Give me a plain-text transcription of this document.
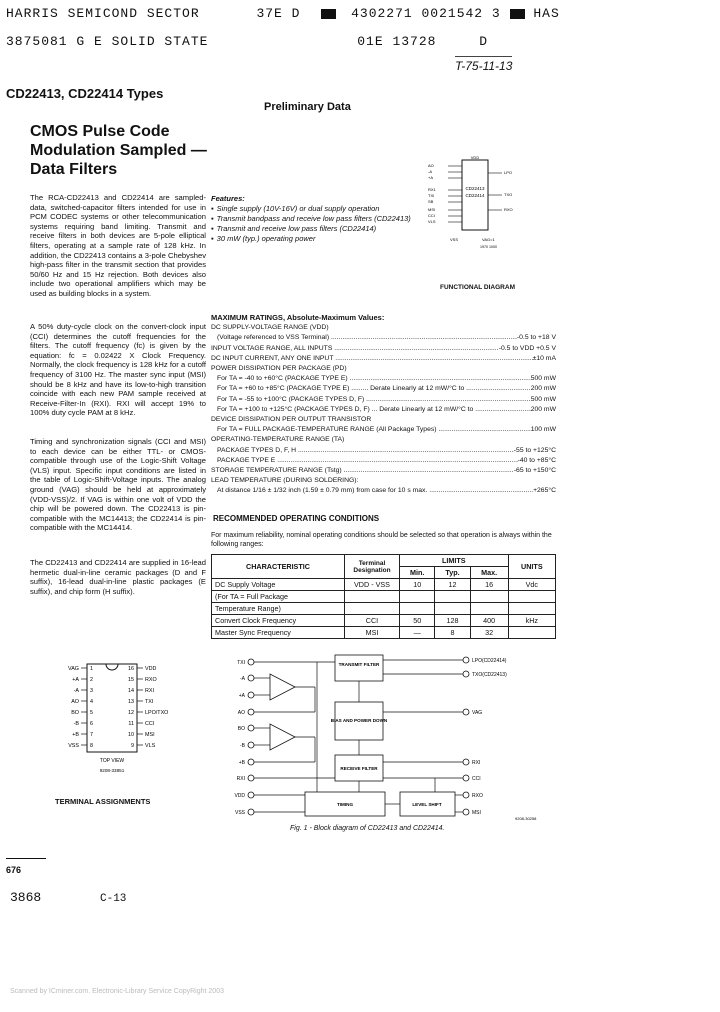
HARRIS SEMICOND SECTOR	37E D	4302271 0021542 3	HAS
3875081 G E SOLID STATE	01E 13728	D
T-75-11-13
CD22413, CD22414 Types
Preliminary Data
CMOS Pulse Code
Modulation Sampled —
Data Filters
The RCA-CD22413 and CD22414 are sampled-data, switched-capacitor filters intended for use in PCM CODEC systems or other telecommunication systems requiring band limiting. Transmit and receive filters in both devices are 5-pole elliptical filters, operating at a sample rate of 128 kHz. In addition, the CD22413 contains a 3-pole Chebyshev high-pass filter in the transmit section that provides 50/60 Hz and 15 Hz rejection. Both devices also include two operational amplifiers which may be used as building blocks in a system.
A 50% duty-cycle clock on the convert-clock input (CCI) determines the cutoff frequencies for the filters. The cutoff frequency (fc) is given by the equation: fc = 0.02422 X Clock Frequency. Normally, the clock frequency is 128 kHz for a cutoff frequency of 3100 Hz. The master sync input (MSI) should be 8 kHz and have its low-to-high transition coincide with each new PAM sample received at Receive-Filter-In (RXI). RXI will accept 19% to 100% duty cycle PAM at 8 kHz.
Timing and synchronization signals (CCI and MSI) to each device can be either TTL- or CMOS-compatible through use of the Logic-Shift Voltage (VLS) input. Specific input conditions are listed in the table of Logic-Shift-Voltage inputs. The analog ground (VAG) should be held at approximately (VDD-VSS)/2. If VAG is within one volt of VDD the chip will be powered down. The CD22413 is pin-compatible with the MC14413; the CD22414 is pin-compatible with the MC14414.
The CD22413 and CD22414 are supplied in 16-lead hermetic dual-in-line ceramic packages (D and F suffix), 16-lead dual-in-line plastic packages (E suffix), and chip form (H suffix).
Features:
▪ Single supply (10V-16V) or dual supply operation
▪ Transmit bandpass and receive low pass filters (CD22413)
▪ Transmit and receive low pass filters (CD22414)
▪ 30 mW (typ.) operating power
CD22413
CD22414
AO
-A
+A
RX1
TXI
SB
MSI
CCI
VLS
LPO
TXO
RXO
VDD
VSS	VAG=1
1970 1000
FUNCTIONAL DIAGRAM
MAXIMUM RATINGS, Absolute-Maximum Values:
DC SUPPLY-VOLTAGE RANGE (VDD)
(Voltage referenced to VSS Terminal) .....	-0.5 to +18 V
INPUT VOLTAGE RANGE, ALL INPUTS .....	-0.5 to VDD +0.5 V
DC INPUT CURRENT, ANY ONE INPUT .....	±10 mA
POWER DISSIPATION PER PACKAGE (PD)
For TA = -40 to +60°C (PACKAGE TYPE E) .....	500 mW
For TA = +60 to +85°C (PACKAGE TYPE E) ......... Derate Linearly at 12 mW/°C to .....	200 mW
For TA = -55 to +100°C (PACKAGE TYPES D, F) .....	500 mW
For TA = +100 to +125°C (PACKAGE TYPES D, F) ... Derate Linearly at 12 mW/°C to .....	200 mW
DEVICE DISSIPATION PER OUTPUT TRANSISTOR
For TA = FULL PACKAGE-TEMPERATURE RANGE (All Package Types) .....	100 mW
OPERATING-TEMPERATURE RANGE (TA)
PACKAGE TYPES D, F, H .....	-55 to +125°C
PACKAGE TYPE E .....	-40 to +85°C
STORAGE TEMPERATURE RANGE (Tstg) .....	-65 to +150°C
LEAD TEMPERATURE (DURING SOLDERING):
At distance 1/16 ± 1/32 inch (1.59 ± 0.79 mm) from case for 10 s max. .....	+265°C
RECOMMENDED OPERATING CONDITIONS
For maximum reliability, nominal operating conditions should be selected so that operation is always within the following ranges:
CHARACTERISTIC	Terminal Designation	LIMITS			UNITS
		Min.	Typ.	Max.	
DC Supply Voltage	VDD - VSS	10	12	16	Vdc
(For TA = Full Package					
Temperature Range)					
Convert Clock Frequency	CCI	50	128	400	kHz
Master Sync Frequency	MSI	—	8	32	
VAG 1	16 VDD
+A 2	15 RXO
-A 3	14 RXI
AO 4	13 TXI
BO 5	12 LPO/TXO
-B 6	11 CCI
+B 7	10 MSI
VSS 8	9 VLS
TOP VIEW
9208-33851
TERMINAL ASSIGNMENTS
TRANSMIT FILTER
BIAS AND POWER DOWN
RECEIVE FILTER
TIMING	LEVEL SHIFT
TXI
-A
+A
AO
BO
-B
+B
RXI
VDD
VSS
LPO(CD22414)
TXO(CD22413)
VAG
RXI
CCI
RXO
MSI
9208-30258
Fig. 1 - Block diagram of CD22413 and CD22414.
676
3868	C-13
Scanned by ICminer.com. Electronic-Library Service CopyRight 2003
